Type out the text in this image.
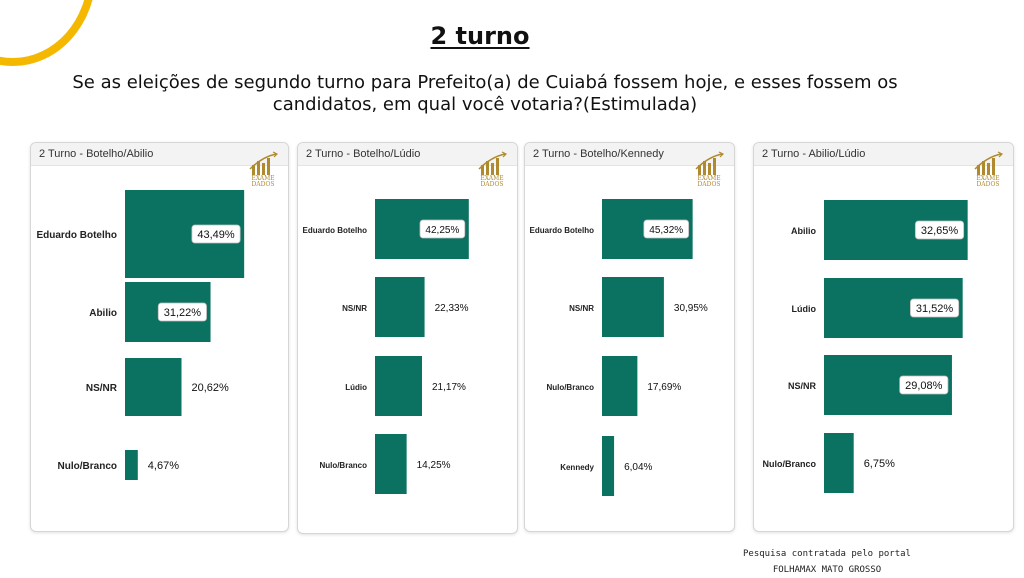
2 turno
Se as eleições de segundo turno para Prefeito(a) de Cuiabá fossem hoje, e esses fossem os candidatos, em qual você votaria?(Estimulada)
2 Turno - Botelho/Abilio
EXAME DADOS
Eduardo Botelho	43,49%
Abilio	31,22%
NS/NR	20,62%
Nulo/Branco	4,67%
2 Turno - Botelho/Lúdio
EXAME DADOS
Eduardo Botelho	42,25%
NS/NR	22,33%
Lúdio	21,17%
Nulo/Branco	14,25%
2 Turno - Botelho/Kennedy
EXAME DADOS
Eduardo Botelho	45,32%
NS/NR	30,95%
Nulo/Branco	17,69%
Kennedy	6,04%
2 Turno - Abilio/Lúdio
EXAME DADOS
Abilio	32,65%
Lúdio	31,52%
NS/NR	29,08%
Nulo/Branco	6,75%
Pesquisa contratada pelo portal FOLHAMAX MATO GROSSO
